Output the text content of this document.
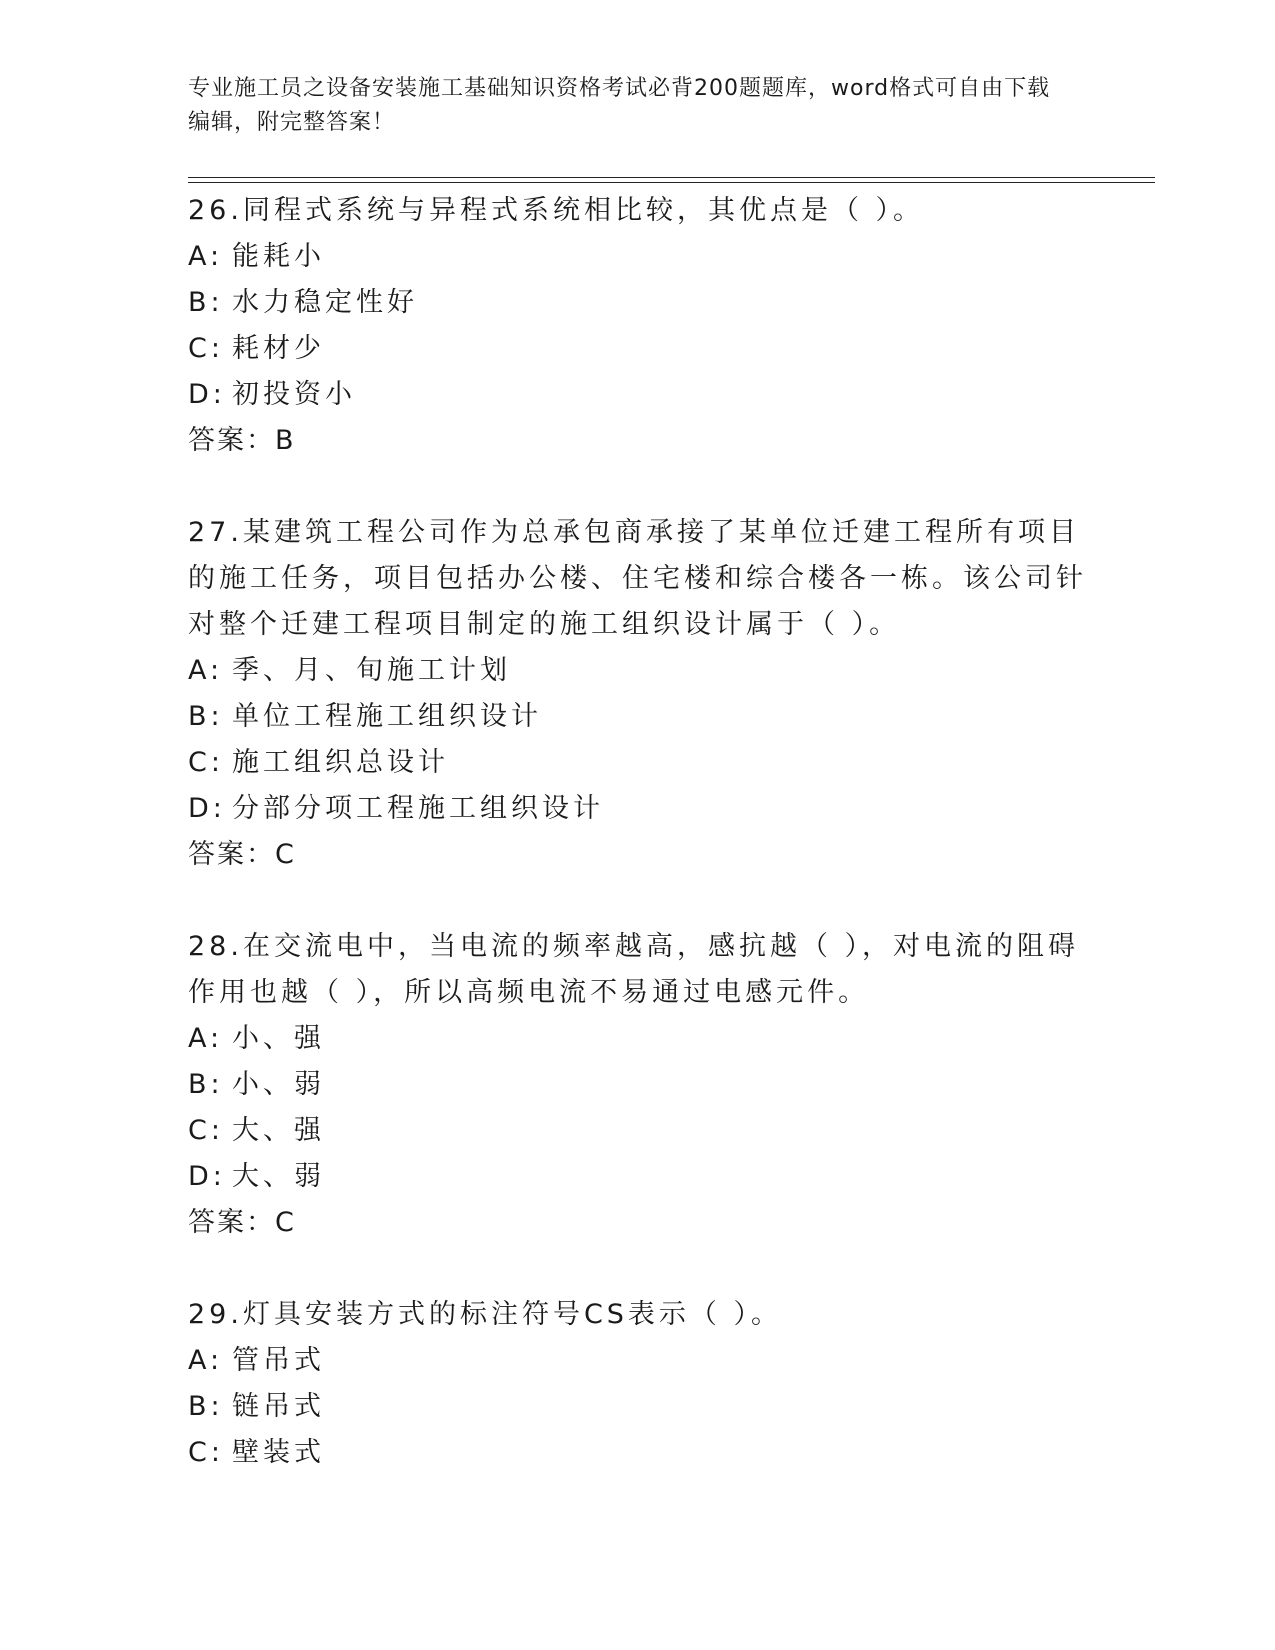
专业施工员之设备安装施工基础知识资格考试必背200题题库，word格式可自由下载编辑，附完整答案！

26.同程式系统与异程式系统相比较，其优点是（ ）。

A: 能耗小
B: 水力稳定性好
C: 耗材少
D: 初投资小
答案：B

27.某建筑工程公司作为总承包商承接了某单位迁建工程所有项目的施工任务，项目包括办公楼、住宅楼和综合楼各一栋。该公司针对整个迁建工程项目制定的施工组织设计属于（ ）。

A: 季、月、旬施工计划
B: 单位工程施工组织设计
C: 施工组织总设计
D: 分部分项工程施工组织设计
答案：C

28.在交流电中，当电流的频率越高，感抗越（ ），对电流的阻碍作用也越（ ），所以高频电流不易通过电感元件。

A: 小、强
B: 小、弱
C: 大、强
D: 大、弱
答案：C

29.灯具安装方式的标注符号CS表示（ ）。

A: 管吊式
B: 链吊式
C: 壁装式
